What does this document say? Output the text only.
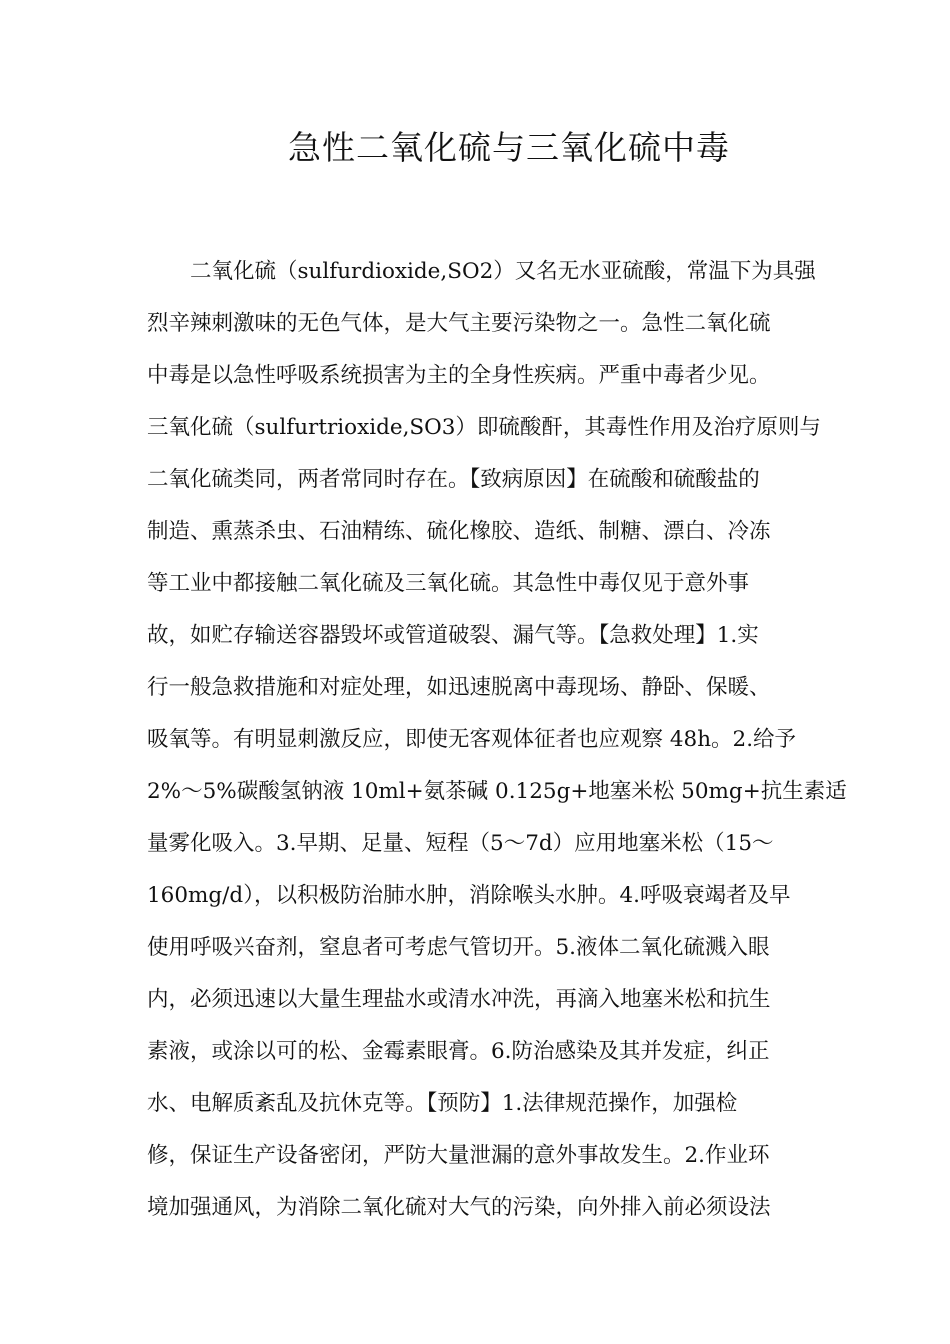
急性二氧化硫与三氧化硫中毒
二氧化硫（sulfurdioxide,SO2）又名无水亚硫酸，常温下为具强
烈辛辣刺激味的无色气体，是大气主要污染物之一。急性二氧化硫
中毒是以急性呼吸系统损害为主的全身性疾病。严重中毒者少见。
三氧化硫（sulfurtrioxide,SO3）即硫酸酐，其毒性作用及治疗原则与
二氧化硫类同，两者常同时存在。【致病原因】在硫酸和硫酸盐的
制造、熏蒸杀虫、石油精练、硫化橡胶、造纸、制糖、漂白、冷冻
等工业中都接触二氧化硫及三氧化硫。其急性中毒仅见于意外事
故，如贮存输送容器毁坏或管道破裂、漏气等。【急救处理】1.实
行一般急救措施和对症处理，如迅速脱离中毒现场、静卧、保暖、
吸氧等。有明显刺激反应，即使无客观体征者也应观察 48h。2.给予
2%～5%碳酸氢钠液 10ml+氨茶碱 0.125g+地塞米松 50mg+抗生素适
量雾化吸入。3.早期、足量、短程（5～7d）应用地塞米松（15～
160mg/d），以积极防治肺水肿，消除喉头水肿。4.呼吸衰竭者及早
使用呼吸兴奋剂，窒息者可考虑气管切开。5.液体二氧化硫溅入眼
内，必须迅速以大量生理盐水或清水冲洗，再滴入地塞米松和抗生
素液，或涂以可的松、金霉素眼膏。6.防治感染及其并发症，纠正
水、电解质紊乱及抗休克等。【预防】1.法律规范操作，加强检
修，保证生产设备密闭，严防大量泄漏的意外事故发生。2.作业环
境加强通风，为消除二氧化硫对大气的污染，向外排入前必须设法
